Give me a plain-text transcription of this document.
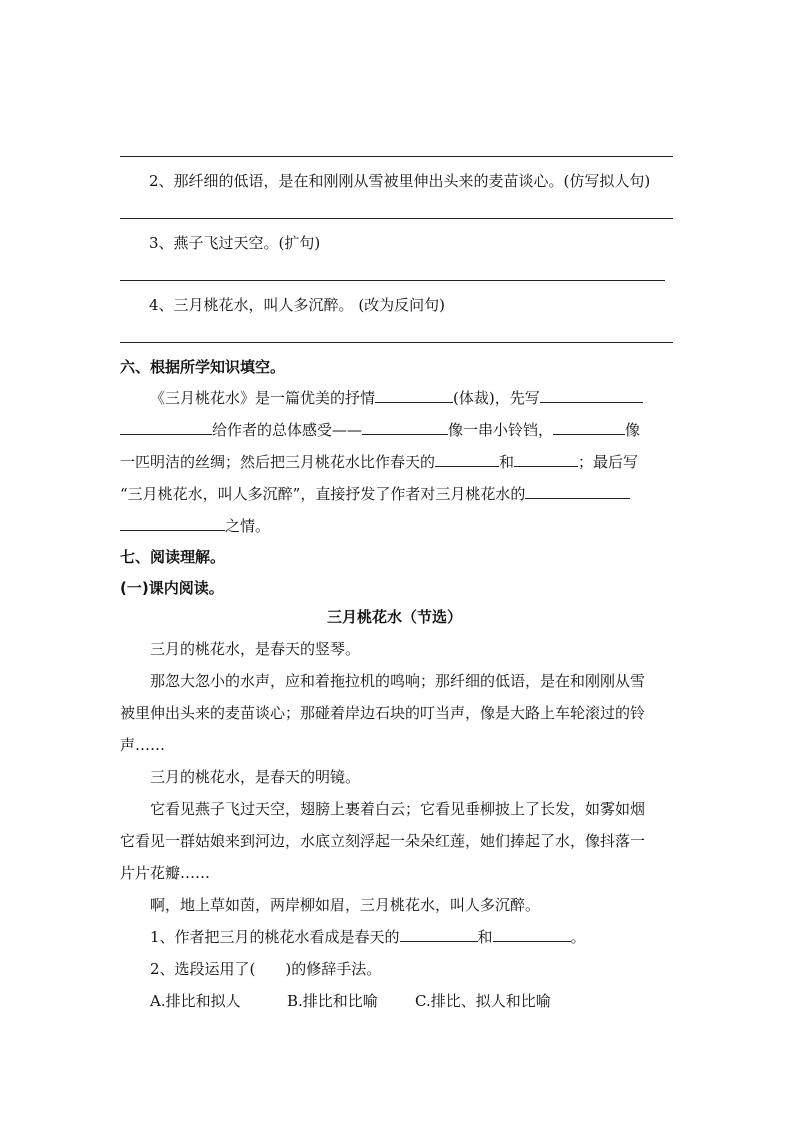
2、那纤细的低语，是在和刚刚从雪被里伸出头来的麦苗谈心。(仿写拟人句)
3、燕子飞过天空。(扩句)
4、三月桃花水，叫人多沉醉。 (改为反问句)
六、根据所学知识填空。
《三月桃花水》是一篇优美的抒情	(体裁)，先写
给作者的总体感受——	像一串小铃铛，	像
一匹明洁的丝绸；然后把三月桃花水比作春天的	和	；最后写
“三月桃花水，叫人多沉醉”，直接抒发了作者对三月桃花水的
之情。
七、阅读理解。
(一)课内阅读。
三月桃花水（节选）
三月的桃花水，是春天的竖琴。
那忽大忽小的水声，应和着拖拉机的鸣响；那纤细的低语，是在和刚刚从雪
被里伸出头来的麦苗谈心；那碰着岸边石块的叮当声，像是大路上车轮滚过的铃
声……
三月的桃花水，是春天的明镜。
它看见燕子飞过天空，翅膀上裹着白云；它看见垂柳披上了长发，如雾如烟
它看见一群姑娘来到河边，水底立刻浮起一朵朵红莲，她们捧起了水，像抖落一
片片花瓣……
啊，地上草如茵，两岸柳如眉，三月桃花水，叫人多沉醉。
1、作者把三月的桃花水看成是春天的	和	。
2、选段运用了(　　)的修辞手法。
A.排比和拟人	B.排比和比喻 C.排比、拟人和比喻
